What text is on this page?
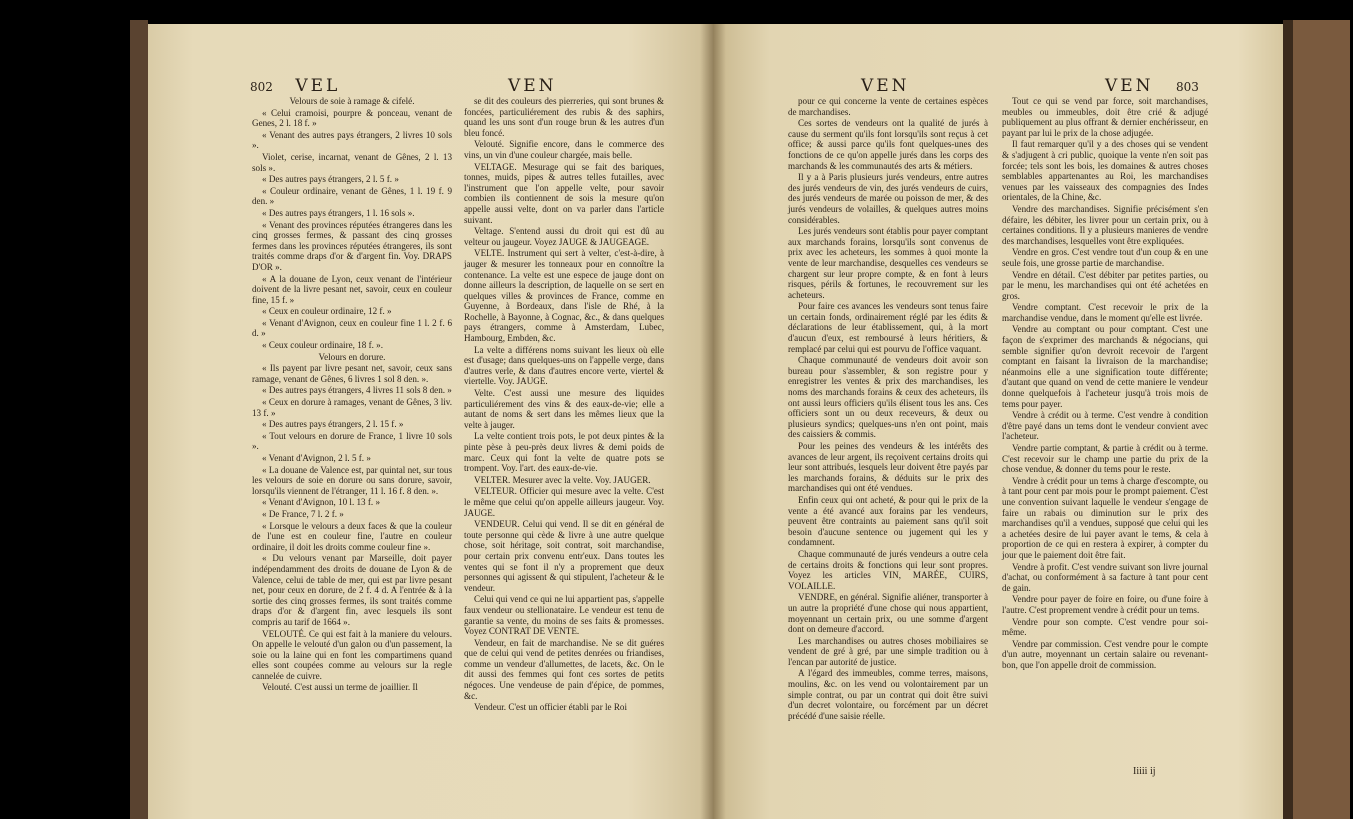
802 VEL	VEN

Velours de soie à ramage & cifelé.

« Celui cramoisi, pourpre & ponceau, venant de Genes, 2 l. 18 f. »

« Venant des autres pays étrangers, 2 livres 10 sols ».

Violet, cerise, incarnat, venant de Gênes, 2 l. 13 sols ».

« Des autres pays étrangers, 2 l. 5 f. »

« Couleur ordinaire, venant de Gênes, 1 l. 19 f. 9 den. »

« Des autres pays étrangers, 1 l. 16 sols ».

« Venant des provinces réputées étrangeres dans les cinq grosses fermes, & passant des cinq grosses fermes dans les provinces réputées étrangeres, ils sont traités comme draps d'or & d'argent fin. Voy. DRAPS D'OR ».

« A la douane de Lyon, ceux venant de l'intérieur doivent de la livre pesant net, savoir, ceux en couleur fine, 15 f. »

« Ceux en couleur ordinaire, 12 f. »

« Venant d'Avignon, ceux en couleur fine 1 l. 2 f. 6 d. »

« Ceux couleur ordinaire, 18 f. ».

Velours en dorure.

« Ils payent par livre pesant net, savoir, ceux sans ramage, venant de Gênes, 6 livres 1 sol 8 den. ».

« Des autres pays étrangers, 4 livres 11 sols 8 den. »

« Ceux en dorure à ramages, venant de Gênes, 3 liv. 13 f. »

« Des autres pays étrangers, 2 l. 15 f. »

« Tout velours en dorure de France, 1 livre 10 sols ».

« Venant d'Avignon, 2 l. 5 f. »

« La douane de Valence est, par quintal net, sur tous les velours de soie en dorure ou sans dorure, savoir, lorsqu'ils viennent de l'étranger, 11 l. 16 f. 8 den. ».

« Venant d'Avignon, 10 l. 13 f. »

« De France, 7 l. 2 f. »

« Lorsque le velours a deux faces & que la couleur de l'une est en couleur fine, l'autre en couleur ordinaire, il doit les droits comme couleur fine ».

« Du velours venant par Marseille, doit payer indépendamment des droits de douane de Lyon & de Valence, celui de table de mer, qui est par livre pesant net, pour ceux en dorure, de 2 f. 4 d. A l'entrée & à la sortie des cinq grosses fermes, ils sont traités comme draps d'or & d'argent fin, avec lesquels ils sont compris au tarif de 1664 ».

VELOUTÉ. Ce qui est fait à la maniere du velours. On appelle le velouté d'un galon ou d'un passement, la soie ou la laine qui en font les compartimens quand elles sont coupées comme au velours sur la regle cannelée de cuivre.

Velouté. C'est aussi un terme de joaillier. Il

se dit des couleurs des pierreries, qui sont brunes & foncées, particuliérement des rubis & des saphirs, quand les uns sont d'un rouge brun & les autres d'un bleu foncé.

Velouté. Signifie encore, dans le commerce des vins, un vin d'une couleur chargée, mais belle.

VELTAGE. Mesurage qui se fait des bariques, tonnes, muids, pipes & autres telles futailles, avec l'instrument que l'on appelle velte, pour savoir combien ils contiennent de sois la mesure qu'on appelle aussi velte, dont on va parler dans l'article suivant.

Veltage. S'entend aussi du droit qui est dû au velteur ou jaugeur. Voyez JAUGE & JAUGEAGE.

VELTE. Instrument qui sert à velter, c'est-à-dire, à jauger & mesurer les tonneaux pour en connoître la contenance. La velte est une espece de jauge dont on donne ailleurs la description, de laquelle on se sert en quelques villes & provinces de France, comme en Guyenne, à Bordeaux, dans l'isle de Rhé, à la Rochelle, à Bayonne, à Cognac, &c., & dans quelques pays étrangers, comme à Amsterdam, Lubec, Hambourg, Embden, &c.

La velte a différens noms suivant les lieux où elle est d'usage; dans quelques-uns on l'appelle verge, dans d'autres verle, & dans d'autres encore verte, viertel & viertelle. Voy. JAUGE.

Velte. C'est aussi une mesure des liquides particuliérement des vins & des eaux-de-vie; elle a autant de noms & sert dans les mêmes lieux que la velte à jauger.

La velte contient trois pots, le pot deux pintes & la pinte pèse à peu-près deux livres & demi poids de marc. Ceux qui font la velte de quatre pots se trompent. Voy. l'art. des eaux-de-vie.

VELTER. Mesurer avec la velte. Voy. JAUGER.

VELTEUR. Officier qui mesure avec la velte. C'est le même que celui qu'on appelle ailleurs jaugeur. Voy. JAUGE.

VENDEUR. Celui qui vend. Il se dit en général de toute personne qui cède & livre à une autre quelque chose, soit héritage, soit contrat, soit marchandise, pour certain prix convenu entr'eux. Dans toutes les ventes qui se font il n'y a proprement que deux personnes qui agissent & qui stipulent, l'acheteur & le vendeur.

Celui qui vend ce qui ne lui appartient pas, s'appelle faux vendeur ou stellionataire. Le vendeur est tenu de garantie sa vente, du moins de ses faits & promesses. Voyez CONTRAT DE VENTE.

Vendeur, en fait de marchandise. Ne se dit guéres que de celui qui vend de petites denrées ou friandises, comme un vendeur d'allumettes, de lacets, &c. On le dit aussi des femmes qui font ces sortes de petits négoces. Une vendeuse de pain d'épice, de pommes, &c.

Vendeur. C'est un officier établi par le Roi

VEN	VEN 803

pour ce qui concerne la vente de certaines espèces de marchandises.

Ces sortes de vendeurs ont la qualité de jurés à cause du serment qu'ils font lorsqu'ils sont reçus à cet office; & aussi parce qu'ils font quelques-unes des fonctions de ce qu'on appelle jurés dans les corps des marchands & les communautés des arts & métiers.

Il y a à Paris plusieurs jurés vendeurs, entre autres des jurés vendeurs de vin, des jurés vendeurs de cuirs, des jurés vendeurs de marée ou poisson de mer, & des jurés vendeurs de volailles, & quelques autres moins considérables.

Les jurés vendeurs sont établis pour payer comptant aux marchands forains, lorsqu'ils sont convenus de prix avec les acheteurs, les sommes à quoi monte la vente de leur marchandise, desquelles ces vendeurs se chargent sur leur propre compte, & en font à leurs risques, périls & fortunes, le recouvrement sur les acheteurs.

Pour faire ces avances les vendeurs sont tenus faire un certain fonds, ordinairement réglé par les édits & déclarations de leur établissement, qui, à la mort d'aucun d'eux, est remboursé à leurs héritiers, & remplacé par celui qui est pourvu de l'office vaquant.

Chaque communauté de vendeurs doit avoir son bureau pour s'assembler, & son registre pour y enregistrer les ventes & prix des marchandises, les noms des marchands forains & ceux des acheteurs, ils ont aussi leurs officiers qu'ils élisent tous les ans. Ces officiers sont un ou deux receveurs, & deux ou plusieurs syndics; quelques-uns n'en ont point, mais des caissiers & commis.

Pour les peines des vendeurs & les intérêts des avances de leur argent, ils reçoivent certains droits qui leur sont attribués, lesquels leur doivent être payés par les marchands forains, & déduits sur le prix des marchandises qui ont été vendues.

Enfin ceux qui ont acheté, & pour qui le prix de la vente a été avancé aux forains par les vendeurs, peuvent être contraints au paiement sans qu'il soit besoin d'aucune sentence ou jugement qui les y condamnent.

Chaque communauté de jurés vendeurs a outre cela de certains droits & fonctions qui leur sont propres. Voyez les articles VIN, MARÉE, CUIRS, VOLAILLE.

VENDRE, en général. Signifie aliéner, transporter à un autre la propriété d'une chose qui nous appartient, moyennant un certain prix, ou une somme d'argent dont on demeure d'accord.

Les marchandises ou autres choses mobiliaires se vendent de gré à gré, par une simple tradition ou à l'encan par autorité de justice.

A l'égard des immeubles, comme terres, maisons, moulins, &c. on les vend ou volontairement par un simple contrat, ou par un contrat qui doit être suivi d'un decret volontaire, ou forcément par un décret précédé d'une saisie réelle.

Tout ce qui se vend par force, soit marchandises, meubles ou immeubles, doit être crié & adjugé publiquement au plus offrant & dernier enchérisseur, en payant par lui le prix de la chose adjugée.

Il faut remarquer qu'il y a des choses qui se vendent & s'adjugent à cri public, quoique la vente n'en soit pas forcée; tels sont les bois, les domaines & autres choses semblables appartenantes au Roi, les marchandises venues par les vaisseaux des compagnies des Indes orientales, de la Chine, &c.

Vendre des marchandises. Signifie précisément s'en défaire, les débiter, les livrer pour un certain prix, ou à certaines conditions. Il y a plusieurs manieres de vendre des marchandises, lesquelles vont être expliquées.

Vendre en gros. C'est vendre tout d'un coup & en une seule fois, une grosse partie de marchandise.

Vendre en détail. C'est débiter par petites parties, ou par le menu, les marchandises qui ont été achetées en gros.

Vendre comptant. C'est recevoir le prix de la marchandise vendue, dans le moment qu'elle est livrée.

Vendre au comptant ou pour comptant. C'est une façon de s'exprimer des marchands & négocians, qui semble signifier qu'on devroit recevoir de l'argent comptant en faisant la livraison de la marchandise; néanmoins elle a une signification toute différente; d'autant que quand on vend de cette maniere le vendeur donne quelquefois à l'acheteur jusqu'à trois mois de tems pour payer.

Vendre à crédit ou à terme. C'est vendre à condition d'être payé dans un tems dont le vendeur convient avec l'acheteur.

Vendre partie comptant, & partie à crédit ou à terme. C'est recevoir sur le champ une partie du prix de la chose vendue, & donner du tems pour le reste.

Vendre à crédit pour un tems à charge d'escompte, ou à tant pour cent par mois pour le prompt paiement. C'est une convention suivant laquelle le vendeur s'engage de faire un rabais ou diminution sur le prix des marchandises qu'il a vendues, supposé que celui qui les a achetées desire de lui payer avant le tems, & cela à proportion de ce qui en restera à expirer, à compter du jour que le paiement doit être fait.

Vendre à profit. C'est vendre suivant son livre journal d'achat, ou conformément à sa facture à tant pour cent de gain.

Vendre pour payer de foire en foire, ou d'une foire à l'autre. C'est proprement vendre à crédit pour un tems.

Vendre pour son compte. C'est vendre pour soi-même.

Vendre par commission. C'est vendre pour le compte d'un autre, moyennant un certain salaire ou revenant-bon, que l'on appelle droit de commission.

Iiiii ij
